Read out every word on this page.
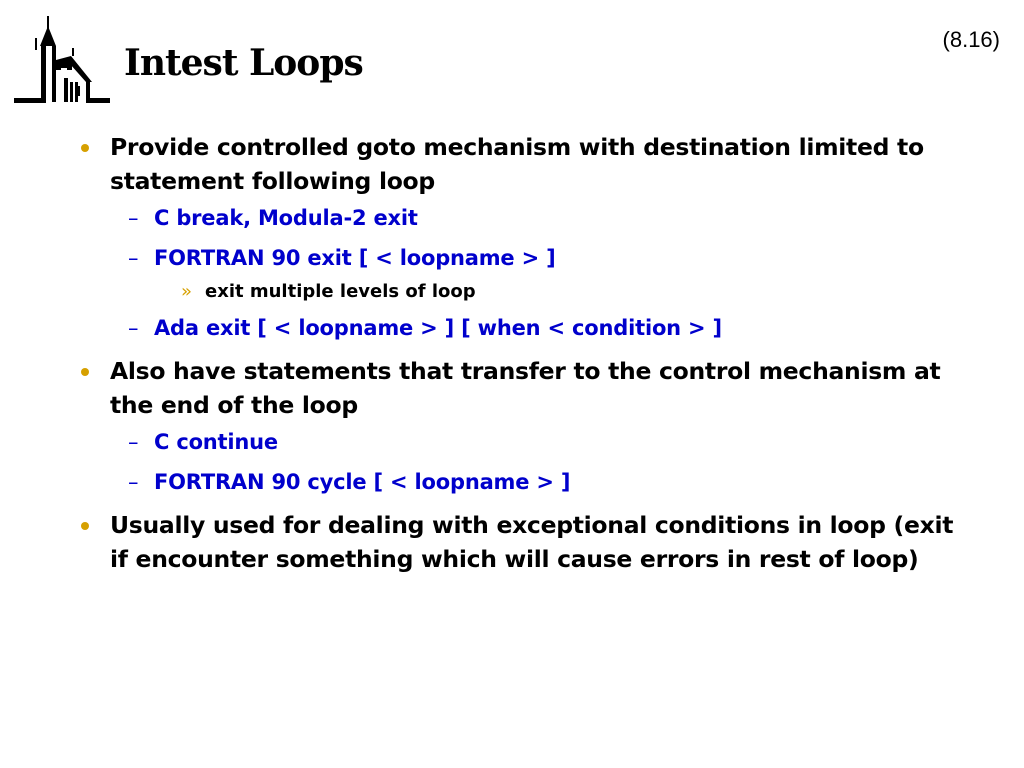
Intest Loops
(8.16)
Provide controlled goto mechanism with destination limited to statement following loop
– C break, Modula-2 exit
– FORTRAN 90 exit [ < loopname > ]
» exit multiple levels of loop
– Ada exit [ < loopname > ] [ when < condition > ]
Also have statements that transfer to the control mechanism at the end of the loop
– C continue
– FORTRAN 90 cycle [ < loopname > ]
Usually used for dealing with exceptional conditions in loop (exit if encounter something which will cause errors in rest of loop)
